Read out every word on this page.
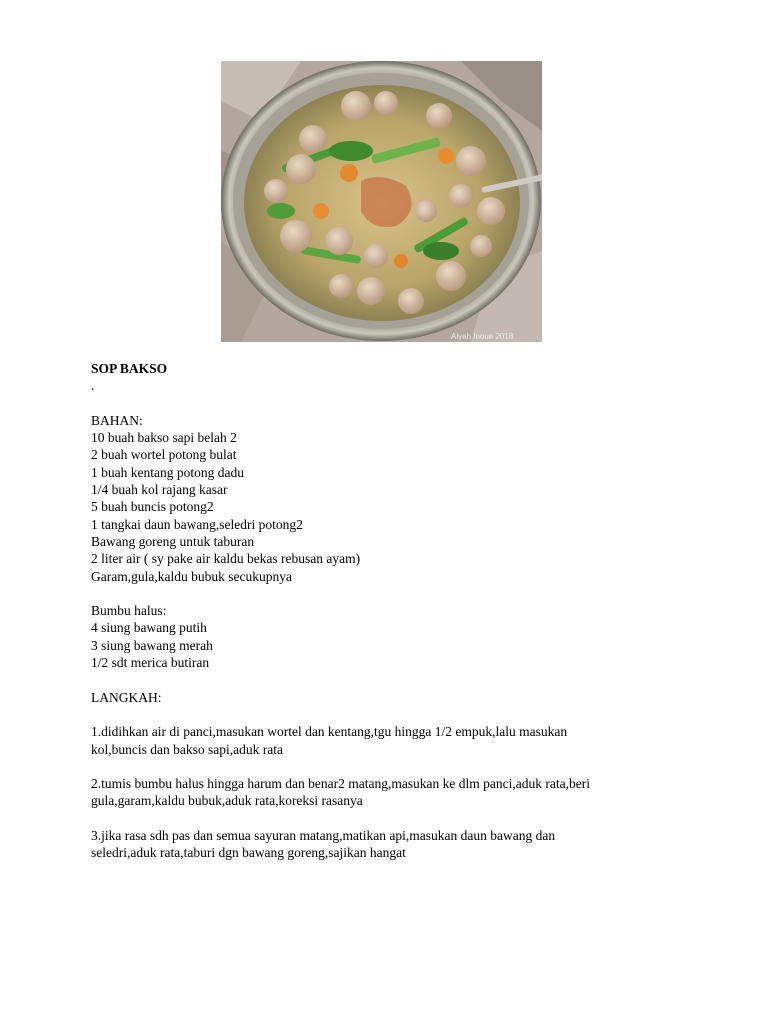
Aiyah Inoue 2018
SOP BAKSO
.
BAHAN:
10 buah bakso sapi belah 2
2 buah wortel potong bulat
1 buah kentang potong dadu
1/4 buah kol rajang kasar
5 buah buncis potong2
1 tangkai daun bawang,seledri potong2
Bawang goreng untuk taburan
2 liter air ( sy pake air kaldu bekas rebusan ayam)
Garam,gula,kaldu bubuk secukupnya
Bumbu halus:
4 siung bawang putih
3 siung bawang merah
1/2 sdt merica butiran
LANGKAH:
1.didihkan air di panci,masukan wortel dan kentang,tgu hingga 1/2 empuk,lalu masukan
kol,buncis dan bakso sapi,aduk rata
2.tumis bumbu halus hingga harum dan benar2 matang,masukan ke dlm panci,aduk rata,beri
gula,garam,kaldu bubuk,aduk rata,koreksi rasanya
3.jika rasa sdh pas dan semua sayuran matang,matikan api,masukan daun bawang dan
seledri,aduk rata,taburi dgn bawang goreng,sajikan hangat
